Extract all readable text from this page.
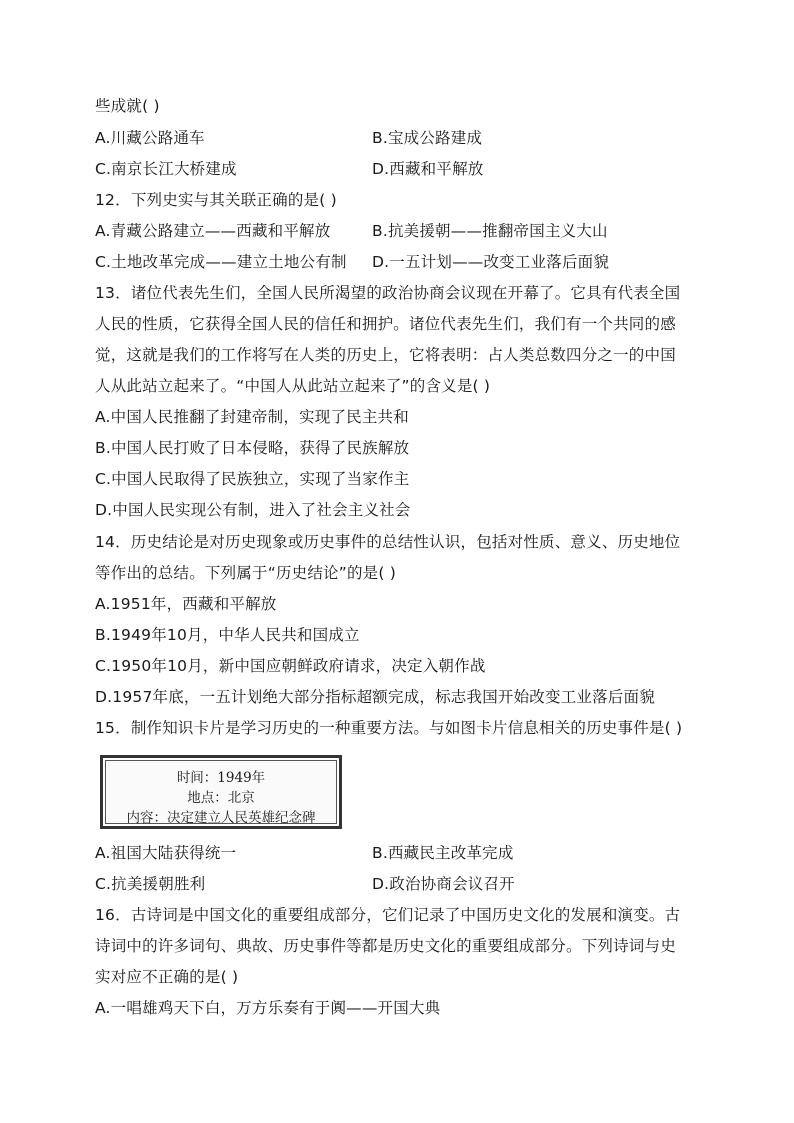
些成就( )
A.川藏公路通车	B.宝成公路建成
C.南京长江大桥建成	D.西藏和平解放
12．下列史实与其关联正确的是( )
A.青藏公路建立——西藏和平解放	B.抗美援朝——推翻帝国主义大山
C.土地改革完成——建立土地公有制 D.一五计划——改变工业落后面貌
13．诸位代表先生们，全国人民所渴望的政治协商会议现在开幕了。它具有代表全国
人民的性质，它获得全国人民的信任和拥护。诸位代表先生们，我们有一个共同的感
觉，这就是我们的工作将写在人类的历史上，它将表明：占人类总数四分之一的中国
人从此站立起来了。“中国人从此站立起来了”的含义是( )
A.中国人民推翻了封建帝制，实现了民主共和
B.中国人民打败了日本侵略，获得了民族解放
C.中国人民取得了民族独立，实现了当家作主
D.中国人民实现公有制，进入了社会主义社会
14．历史结论是对历史现象或历史事件的总结性认识，包括对性质、意义、历史地位
等作出的总结。下列属于“历史结论”的是( )
A.1951年，西藏和平解放
B.1949年10月，中华人民共和国成立
C.1950年10月，新中国应朝鲜政府请求，决定入朝作战
D.1957年底，一五计划绝大部分指标超额完成，标志我国开始改变工业落后面貌
15．制作知识卡片是学习历史的一种重要方法。与如图卡片信息相关的历史事件是( )
时间：1949年
地点：北京
内容：决定建立人民英雄纪念碑
A.祖国大陆获得统一	B.西藏民主改革完成
C.抗美援朝胜利	D.政治协商会议召开
16．古诗词是中国文化的重要组成部分，它们记录了中国历史文化的发展和演变。古
诗词中的许多词句、典故、历史事件等都是历史文化的重要组成部分。下列诗词与史
实对应不正确的是( )
A.一唱雄鸡天下白，万方乐奏有于阗——开国大典
